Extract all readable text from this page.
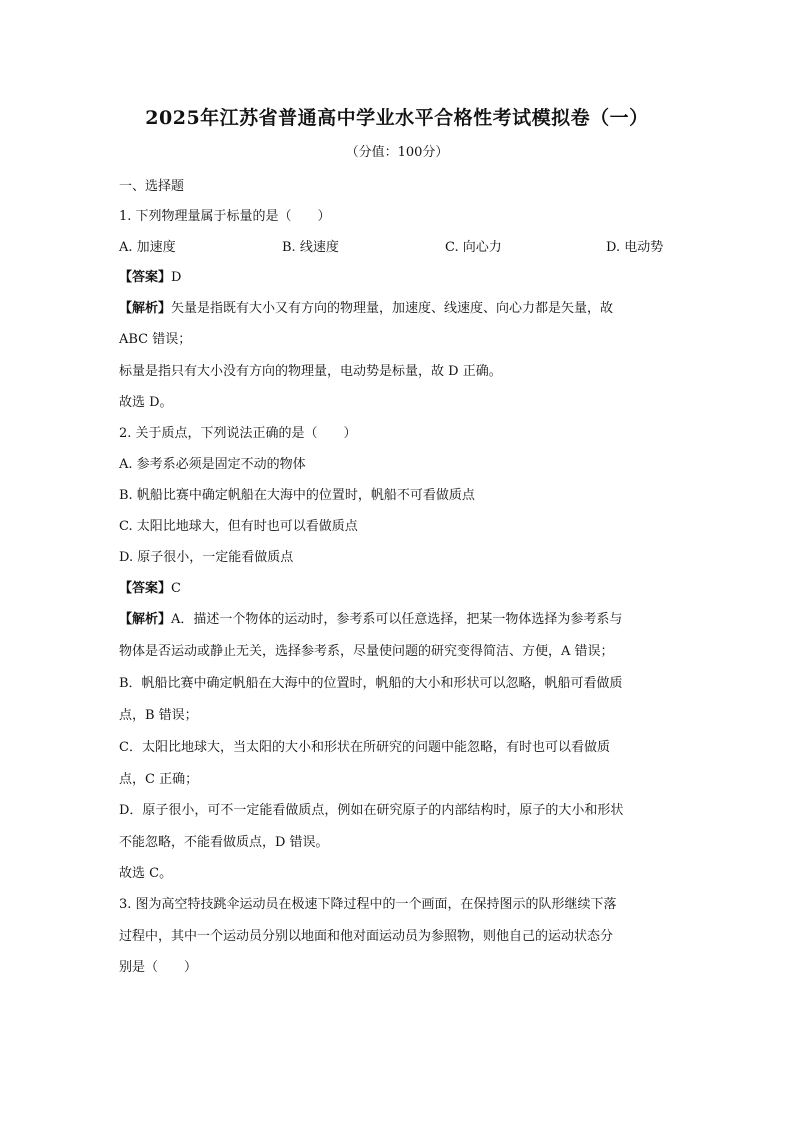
2025年江苏省普通高中学业水平合格性考试模拟卷（一）
（分值：100分）
一、选择题
1. 下列物理量属于标量的是（　　）
A. 加速度	B. 线速度	C. 向心力	D. 电动势
【答案】D
【解析】矢量是指既有大小又有方向的物理量，加速度、线速度、向心力都是矢量，故
ABC 错误；
标量是指只有大小没有方向的物理量，电动势是标量，故 D 正确。
故选 D。
2. 关于质点，下列说法正确的是（　　）
A. 参考系必须是固定不动的物体
B. 帆船比赛中确定帆船在大海中的位置时，帆船不可看做质点
C. 太阳比地球大，但有时也可以看做质点
D. 原子很小，一定能看做质点
【答案】C
【解析】A．描述一个物体的运动时，参考系可以任意选择，把某一物体选择为参考系与
物体是否运动或静止无关，选择参考系，尽量使问题的研究变得简洁、方便，A 错误；
B．帆船比赛中确定帆船在大海中的位置时，帆船的大小和形状可以忽略，帆船可看做质
点，B 错误；
C．太阳比地球大，当太阳的大小和形状在所研究的问题中能忽略，有时也可以看做质
点，C 正确；
D．原子很小，可不一定能看做质点，例如在研究原子的内部结构时，原子的大小和形状
不能忽略，不能看做质点，D 错误。
故选 C。
3. 图为高空特技跳伞运动员在极速下降过程中的一个画面，在保持图示的队形继续下落
过程中，其中一个运动员分别以地面和他对面运动员为参照物，则他自己的运动状态分
别是（　　）
